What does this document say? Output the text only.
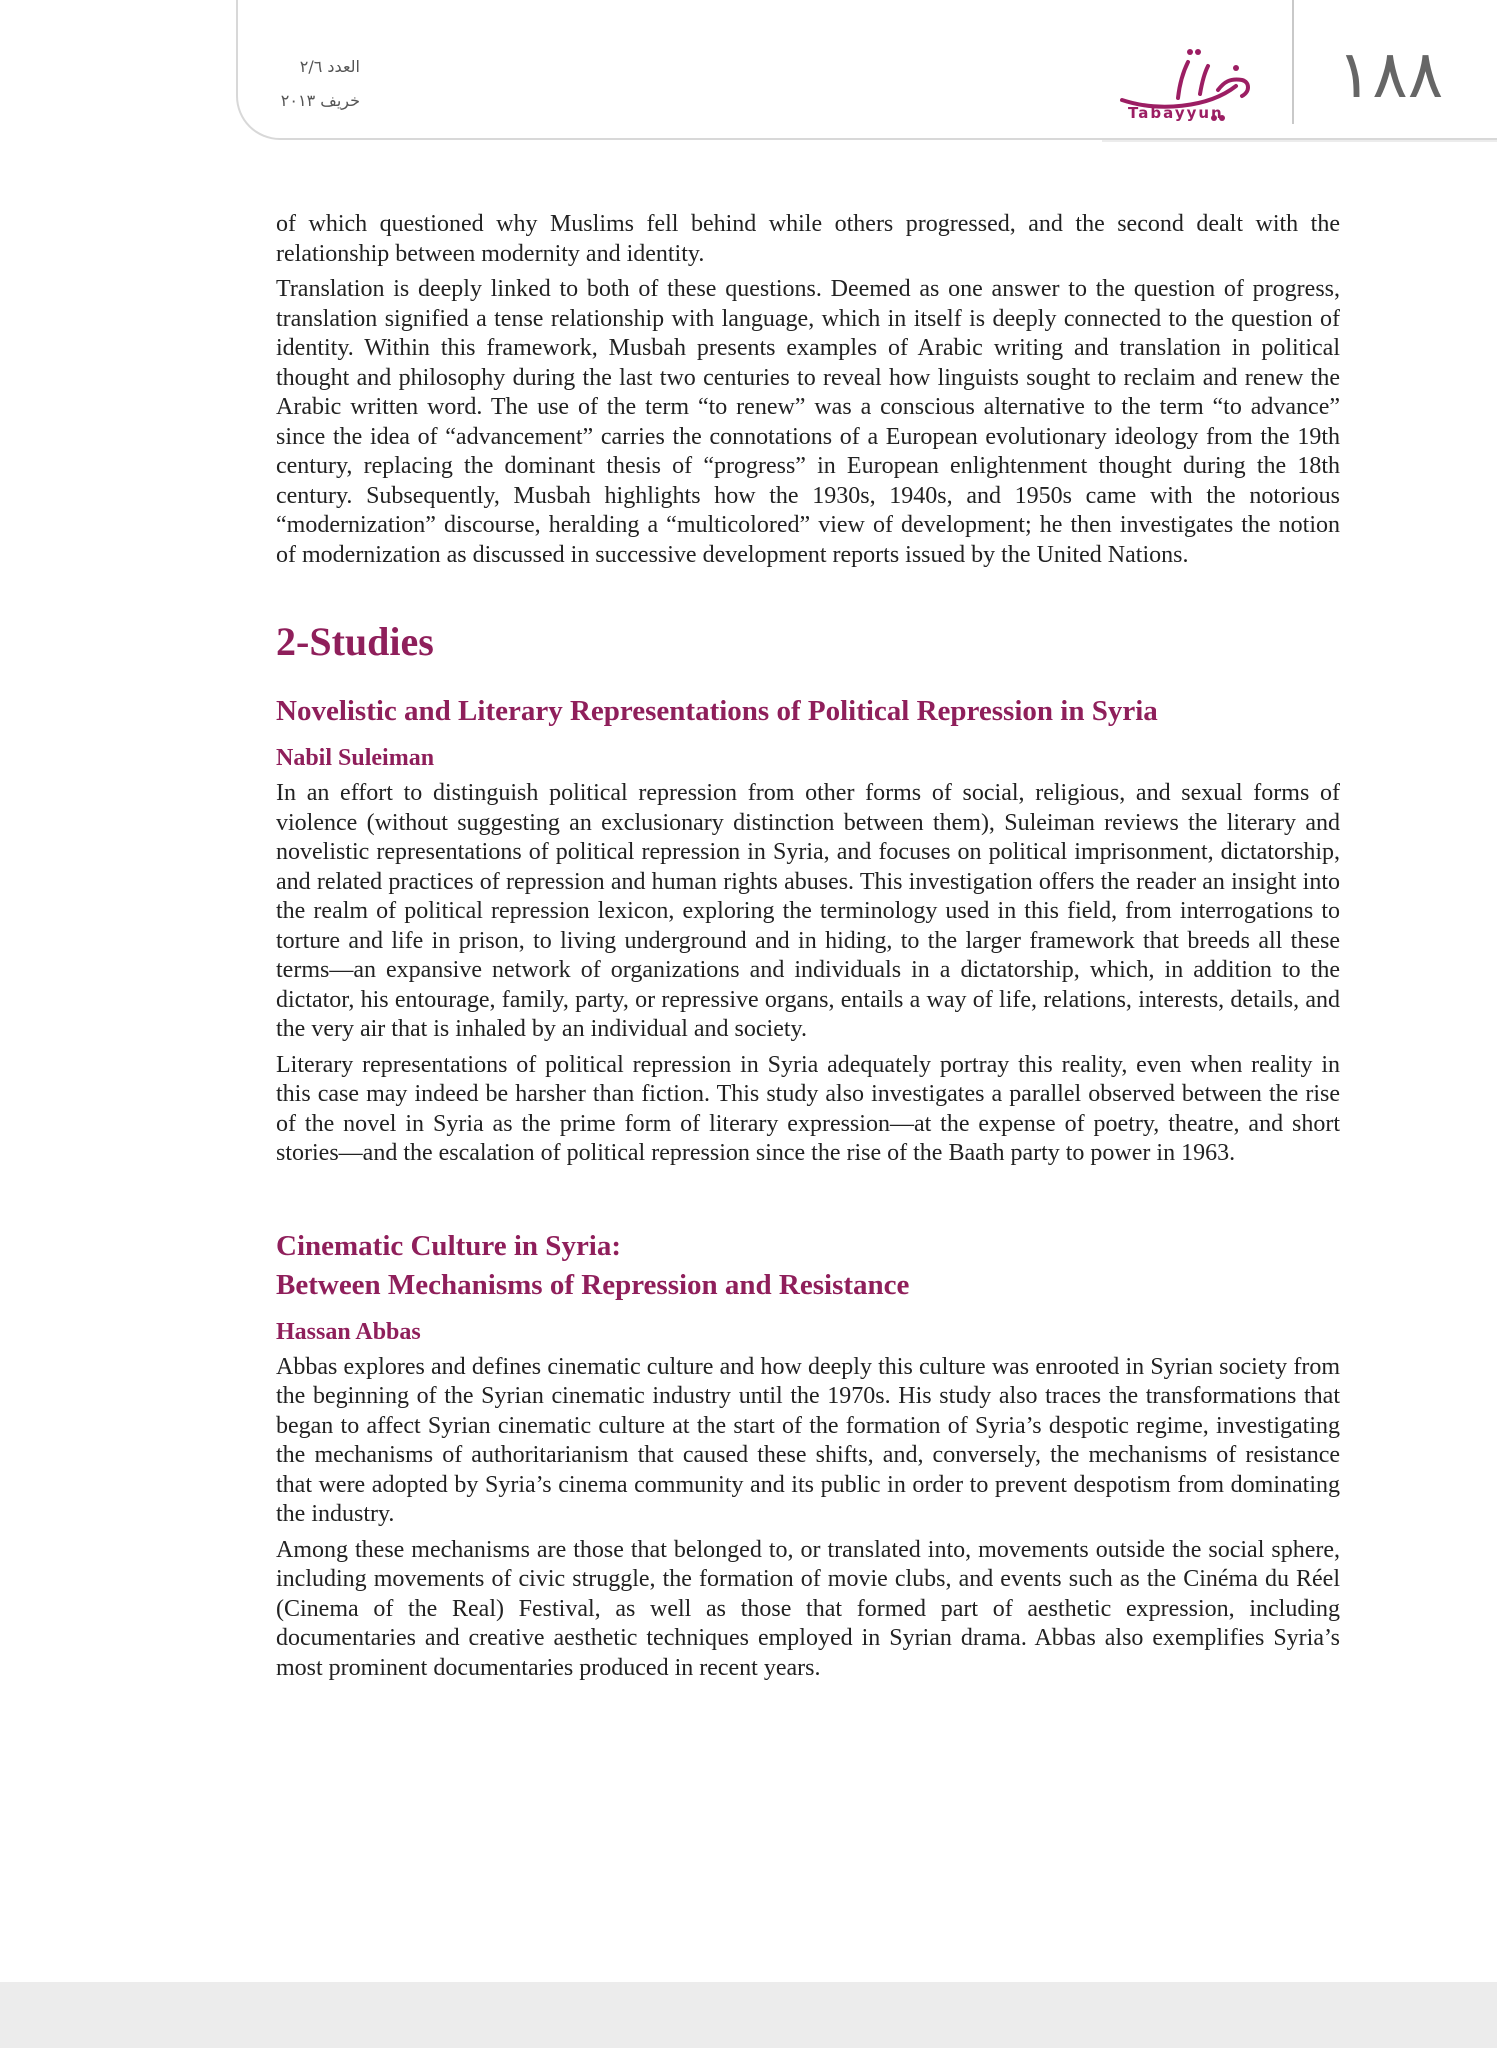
العدد ٢/٦
خريف ٢٠١٣
Tabayyun	١٨٨

of which questioned why Muslims fell behind while others progressed, and the second dealt with the relationship between modernity and identity.

Translation is deeply linked to both of these questions. Deemed as one answer to the question of progress, translation signified a tense relationship with language, which in itself is deeply connected to the question of identity. Within this framework, Musbah presents examples of Arabic writing and translation in political thought and philosophy during the last two centuries to reveal how linguists sought to reclaim and renew the Arabic written word. The use of the term “to renew” was a conscious alternative to the term “to advance” since the idea of “advancement” carries the connotations of a European evolutionary ideology from the 19th century, replacing the dominant thesis of “progress” in European enlightenment thought during the 18th century. Subsequently, Musbah highlights how the 1930s, 1940s, and 1950s came with the notorious “modernization” discourse, heralding a “multicolored” view of development; he then investigates the notion of modernization as discussed in successive development reports issued by the United Nations.

2-Studies
Novelistic and Literary Representations of Political Repression in Syria
Nabil Suleiman

In an effort to distinguish political repression from other forms of social, religious, and sexual forms of violence (without suggesting an exclusionary distinction between them), Suleiman reviews the literary and novelistic representations of political repression in Syria, and focuses on political imprisonment, dictatorship, and related practices of repression and human rights abuses. This investigation offers the reader an insight into the realm of political repression lexicon, exploring the terminology used in this field, from interrogations to torture and life in prison, to living underground and in hiding, to the larger framework that breeds all these terms—an expansive network of organizations and individuals in a dictatorship, which, in addition to the dictator, his entourage, family, party, or repressive organs, entails a way of life, relations, interests, details, and the very air that is inhaled by an individual and society.

Literary representations of political repression in Syria adequately portray this reality, even when reality in this case may indeed be harsher than fiction. This study also investigates a parallel observed between the rise of the novel in Syria as the prime form of literary expression—at the expense of poetry, theatre, and short stories—and the escalation of political repression since the rise of the Baath party to power in 1963.

Cinematic Culture in Syria:
Between Mechanisms of Repression and Resistance
Hassan Abbas

Abbas explores and defines cinematic culture and how deeply this culture was enrooted in Syrian society from the beginning of the Syrian cinematic industry until the 1970s. His study also traces the transformations that began to affect Syrian cinematic culture at the start of the formation of Syria’s despotic regime, investigating the mechanisms of authoritarianism that caused these shifts, and, conversely, the mechanisms of resistance that were adopted by Syria’s cinema community and its public in order to prevent despotism from dominating the industry.

Among these mechanisms are those that belonged to, or translated into, movements outside the social sphere, including movements of civic struggle, the formation of movie clubs, and events such as the Cinéma du Réel (Cinema of the Real) Festival, as well as those that formed part of aesthetic expression, including documentaries and creative aesthetic techniques employed in Syrian drama. Abbas also exemplifies Syria’s most prominent documentaries produced in recent years.
